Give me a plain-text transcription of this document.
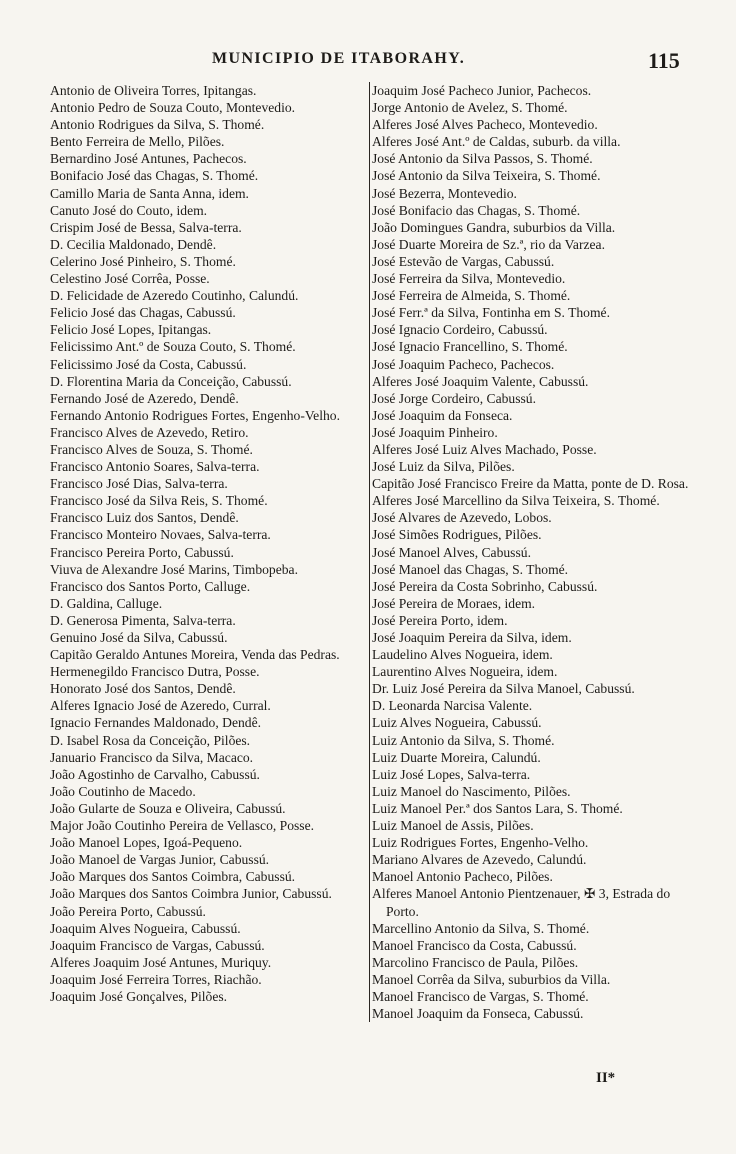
MUNICIPIO DE ITABORAHY.	115
Antonio de Oliveira Torres, Ipitangas.
Antonio Pedro de Souza Couto, Montevedio.
Antonio Rodrigues da Silva, S. Thomé.
Bento Ferreira de Mello, Pilões.
Bernardino José Antunes, Pachecos.
Bonifacio José das Chagas, S. Thomé.
Camillo Maria de Santa Anna, idem.
Canuto José do Couto, idem.
Crispim José de Bessa, Salva-terra.
D. Cecilia Maldonado, Dendê.
Celerino José Pinheiro, S. Thomé.
Celestino José Corrêa, Posse.
D. Felicidade de Azeredo Coutinho, Calundú.
Felicio José das Chagas, Cabussú.
Felicio José Lopes, Ipitangas.
Felicissimo Ant.º de Souza Couto, S. Thomé.
Felicissimo José da Costa, Cabussú.
D. Florentina Maria da Conceição, Cabussú.
Fernando José de Azeredo, Dendê.
Fernando Antonio Rodrigues Fortes, Engenho-Velho.
Francisco Alves de Azevedo, Retiro.
Francisco Alves de Souza, S. Thomé.
Francisco Antonio Soares, Salva-terra.
Francisco José Dias, Salva-terra.
Francisco José da Silva Reis, S. Thomé.
Francisco Luiz dos Santos, Dendê.
Francisco Monteiro Novaes, Salva-terra.
Francisco Pereira Porto, Cabussú.
Viuva de Alexandre José Marins, Timbopeba.
Francisco dos Santos Porto, Calluge.
D. Galdina, Calluge.
D. Generosa Pimenta, Salva-terra.
Genuino José da Silva, Cabussú.
Capitão Geraldo Antunes Moreira, Venda das Pedras.
Hermenegildo Francisco Dutra, Posse.
Honorato José dos Santos, Dendê.
Alferes Ignacio José de Azeredo, Curral.
Ignacio Fernandes Maldonado, Dendê.
D. Isabel Rosa da Conceição, Pilões.
Januario Francisco da Silva, Macaco.
João Agostinho de Carvalho, Cabussú.
João Coutinho de Macedo.
João Gularte de Souza e Oliveira, Cabussú.
Major João Coutinho Pereira de Vellasco, Posse.
João Manoel Lopes, Igoá-Pequeno.
João Manoel de Vargas Junior, Cabussú.
João Marques dos Santos Coimbra, Cabussú.
João Marques dos Santos Coimbra Junior, Cabussú.
João Pereira Porto, Cabussú.
Joaquim Alves Nogueira, Cabussú.
Joaquim Francisco de Vargas, Cabussú.
Alferes Joaquim José Antunes, Muriquy.
Joaquim José Ferreira Torres, Riachão.
Joaquim José Gonçalves, Pilões.
Joaquim José Pacheco Junior, Pachecos.
Jorge Antonio de Avelez, S. Thomé.
Alferes José Alves Pacheco, Montevedio.
Alferes José Ant.º de Caldas, suburb. da villa.
José Antonio da Silva Passos, S. Thomé.
José Antonio da Silva Teixeira, S. Thomé.
José Bezerra, Montevedio.
José Bonifacio das Chagas, S. Thomé.
João Domingues Gandra, suburbios da Villa.
José Duarte Moreira de Sz.ª, rio da Varzea.
José Estevão de Vargas, Cabussú.
José Ferreira da Silva, Montevedio.
José Ferreira de Almeida, S. Thomé.
José Ferr.ª da Silva, Fontinha em S. Thomé.
José Ignacio Cordeiro, Cabussú.
José Ignacio Francellino, S. Thomé.
José Joaquim Pacheco, Pachecos.
Alferes José Joaquim Valente, Cabussú.
José Jorge Cordeiro, Cabussú.
José Joaquim da Fonseca.
José Joaquim Pinheiro.
Alferes José Luiz Alves Machado, Posse.
José Luiz da Silva, Pilões.
Capitão José Francisco Freire da Matta, ponte de D. Rosa.
Alferes José Marcellino da Silva Teixeira, S. Thomé.
José Alvares de Azevedo, Lobos.
José Simões Rodrigues, Pilões.
José Manoel Alves, Cabussú.
José Manoel das Chagas, S. Thomé.
José Pereira da Costa Sobrinho, Cabussú.
José Pereira de Moraes, idem.
José Pereira Porto, idem.
José Joaquim Pereira da Silva, idem.
Laudelino Alves Nogueira, idem.
Laurentino Alves Nogueira, idem.
Dr. Luiz José Pereira da Silva Manoel, Cabussú.
D. Leonarda Narcisa Valente.
Luiz Alves Nogueira, Cabussú.
Luiz Antonio da Silva, S. Thomé.
Luiz Duarte Moreira, Calundú.
Luiz José Lopes, Salva-terra.
Luiz Manoel do Nascimento, Pilões.
Luiz Manoel Per.ª dos Santos Lara, S. Thomé.
Luiz Manoel de Assis, Pilões.
Luiz Rodrigues Fortes, Engenho-Velho.
Mariano Alvares de Azevedo, Calundú.
Manoel Antonio Pacheco, Pilões.
Alferes Manoel Antonio Pientzenauer, ✠ 3, Estrada do Porto.
Marcellino Antonio da Silva, S. Thomé.
Manoel Francisco da Costa, Cabussú.
Marcolino Francisco de Paula, Pilões.
Manoel Corrêa da Silva, suburbios da Villa.
Manoel Francisco de Vargas, S. Thomé.
Manoel Joaquim da Fonseca, Cabussú.
II*
